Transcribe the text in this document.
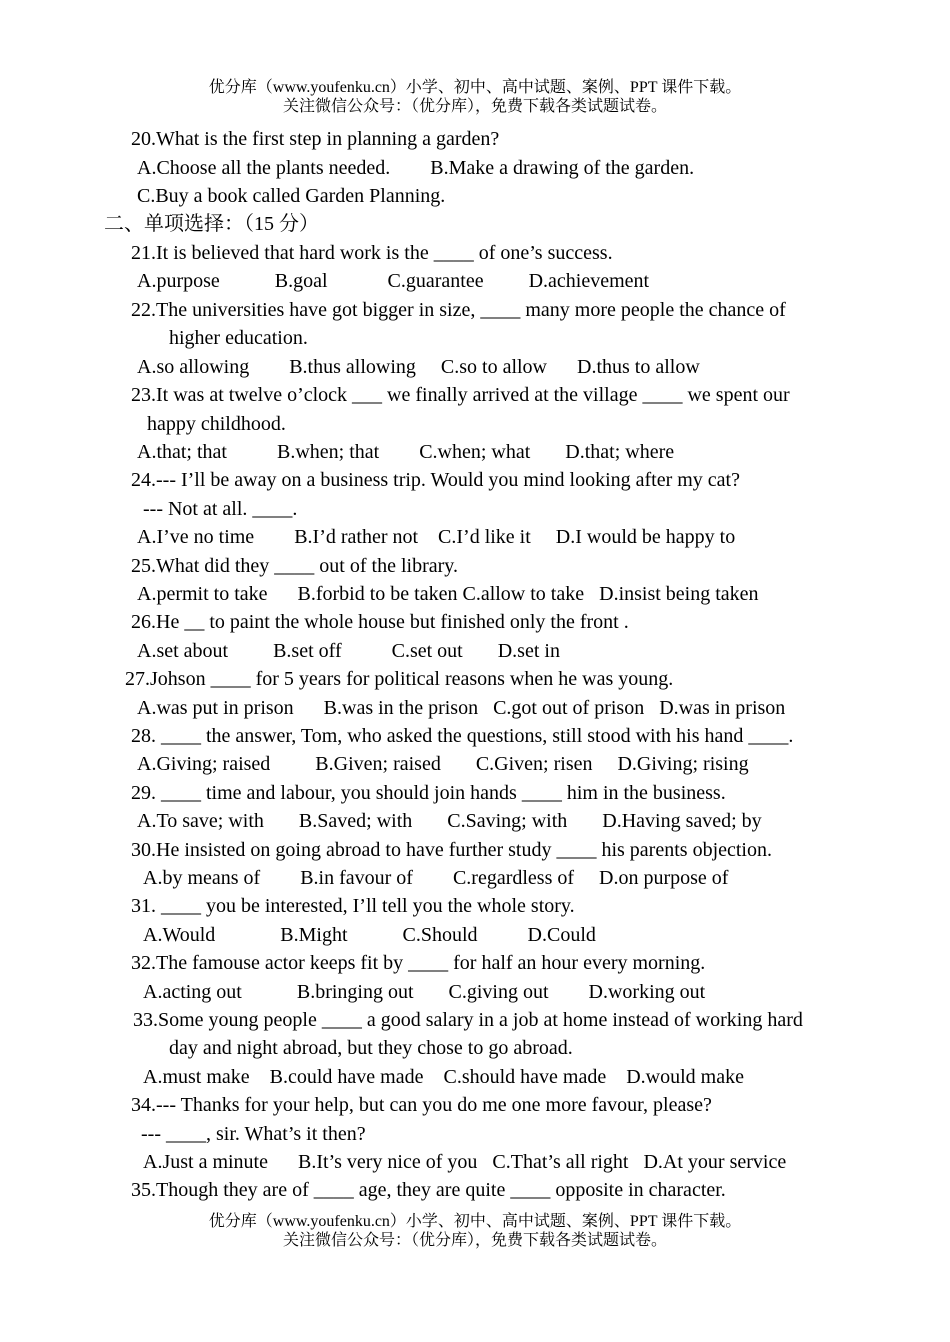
优分库（www.youfenku.cn）小学、初中、高中试题、案例、PPT 课件下载。
关注微信公众号：（优分库），免费下载各类试题试卷。
20.What is the first step in planning a garden?
A.Choose all the plants needed.        B.Make a drawing of the garden.
C.Buy a book called Garden Planning.
二、单项选择：（15 分）
21.It is believed that hard work is the ____ of one’s success.
A.purpose           B.goal            C.guarantee         D.achievement
22.The universities have got bigger in size, ____ many more people the chance of
higher education.
A.so allowing        B.thus allowing     C.so to allow      D.thus to allow
23.It was at twelve o’clock ___ we finally arrived at the village ____ we spent our
happy childhood.
A.that; that          B.when; that        C.when; what       D.that; where
24.--- I’ll be away on a business trip. Would you mind looking after my cat?
--- Not at all. ____.
A.I’ve no time        B.I’d rather not    C.I’d like it     D.I would be happy to
25.What did they ____ out of the library.
A.permit to take      B.forbid to be taken C.allow to take   D.insist being taken
26.He __ to paint the whole house but finished only the front .
A.set about         B.set off          C.set out       D.set in
27.Johson ____ for 5 years for political reasons when he was young.
A.was put in prison      B.was in the prison   C.got out of prison   D.was in prison
28. ____ the answer, Tom, who asked the questions, still stood with his hand ____.
A.Giving; raised         B.Given; raised       C.Given; risen     D.Giving; rising
29. ____ time and labour, you should join hands ____ him in the business.
A.To save; with       B.Saved; with       C.Saving; with       D.Having saved; by
30.He insisted on going abroad to have further study ____ his parents objection.
A.by means of        B.in favour of        C.regardless of     D.on purpose of
31. ____ you be interested, I’ll tell you the whole story.
A.Would             B.Might           C.Should          D.Could
32.The famouse actor keeps fit by ____ for half an hour every morning.
A.acting out           B.bringing out       C.giving out        D.working out
33.Some young people ____ a good salary in a job at home instead of working hard
day and night abroad, but they chose to go abroad.
A.must make    B.could have made    C.should have made    D.would make
34.--- Thanks for your help, but can you do me one more favour, please?
--- ____, sir. What’s it then?
A.Just a minute      B.It’s very nice of you   C.That’s all right   D.At your service
35.Though they are of ____ age, they are quite ____ opposite in character.
优分库（www.youfenku.cn）小学、初中、高中试题、案例、PPT 课件下载。
关注微信公众号：（优分库），免费下载各类试题试卷。
